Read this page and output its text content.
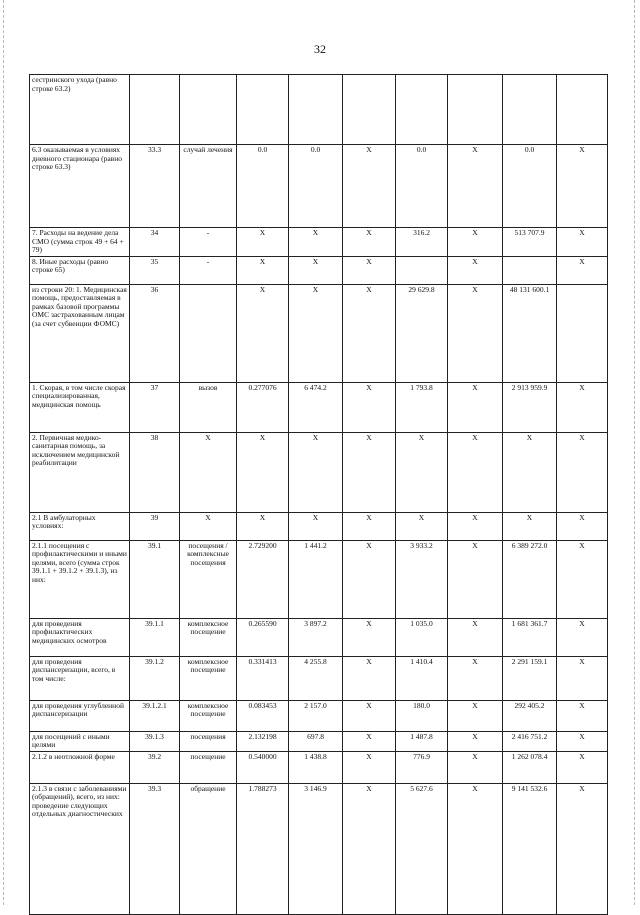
32
сестринского ухода (равно строке 63.2)									
6.3 оказываемая в условиях дневного стационара (равно строке 63.3)	33.3	случай лечения	0.0	0.0	X	0.0	X	0.0	X
7. Расходы на ведение дела СМО (сумма строк 49 + 64 + 79)	34	-	X	X	X	316.2	X	513 707.9	X
8. Иные расходы (равно строке 65)	35	-	X	X	X		X		X
из строки 20: 1. Медицинская помощь, предоставляемая в рамках базовой программы ОМС застрахованным лицам (за счет субвенции ФОМС)	36		X	X	X	29 629.8	X	48 131 600.1	
1. Скорая, в том числе скорая специализированная, медицинская помощь	37	вызов	0.277076	6 474.2	X	1 793.8	X	2 913 959.9	X
2. Первичная медико-санитарная помощь, за исключением медицинской реабилитации	38	X	X	X	X	X	X	X	X
2.1 В амбулаторных условиях:	39	X	X	X	X	X	X	X	X
2.1.1 посещения с профилактическими и иными целями, всего (сумма строк 39.1.1 + 39.1.2 + 39.1.3), из них:	39.1	посещения /комплексные посещения	2.729200	1 441.2	X	3 933.2	X	6 389 272.0	X
для проведения профилактических медицинских осмотров	39.1.1	комплексное посещение	0.265590	3 897.2	X	1 035.0	X	1 681 361.7	X
для проведения диспансеризации, всего, в том числе:	39.1.2	комплексное посещение	0.331413	4 255.8	X	1 410.4	X	2 291 159.1	X
для проведения углубленной диспансеризации	39.1.2.1	комплексное посещение	0.083453	2 157.0	X	180.0	X	292 405.2	X
для посещений с иными целями	39.1.3	посещения	2.132198	697.8	X	1 487.8	X	2 416 751.2	X
2.1.2 в неотложной форме	39.2	посещение	0.540000	1 438.8	X	776.9	X	1 262 078.4	X
2.1.3 в связи с заболеваниями (обращений), всего, из них: проведение следующих отдельных диагностических	39.3	обращение	1.788273	3 146.9	X	5 627.6	X	9 141 532.6	X
